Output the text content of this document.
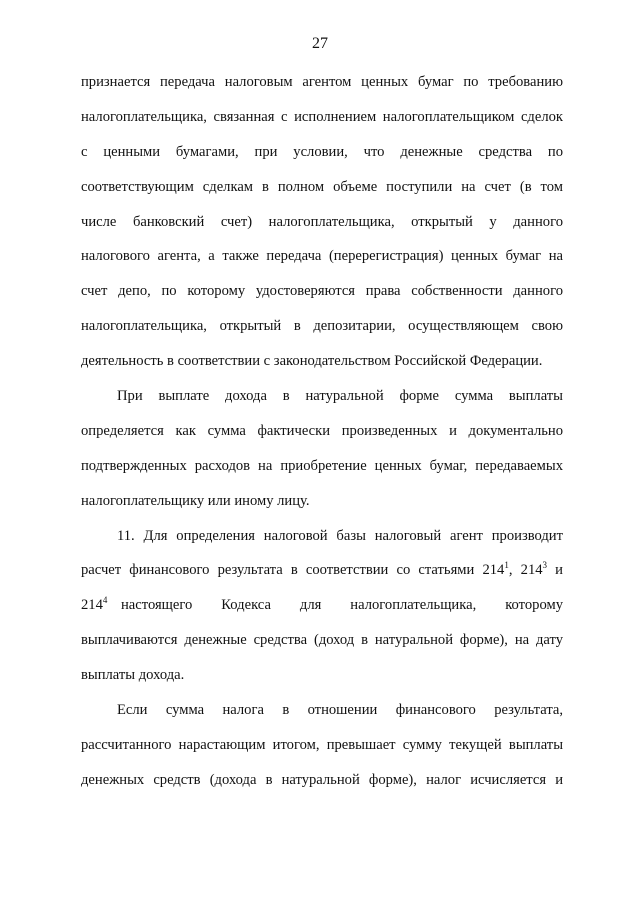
27
признается передача налоговым агентом ценных бумаг по требованию
налогоплательщика, связанная с исполнением налогоплательщиком сделок
с ценными бумагами, при условии, что денежные средства по
соответствующим сделкам в полном объеме поступили на счет (в том
числе банковский счет) налогоплательщика, открытый у данного
налогового агента, а также передача (перерегистрация) ценных бумаг на
счет депо, по которому удостоверяются права собственности данного
налогоплательщика, открытый в депозитарии, осуществляющем свою
деятельность в соответствии с законодательством Российской Федерации.
При выплате дохода в натуральной форме сумма выплаты
определяется как сумма фактически произведенных и документально
подтвержденных расходов на приобретение ценных бумаг, передаваемых
налогоплательщику или иному лицу.
11. Для определения налоговой базы налоговый агент производит
расчет финансового результата в соответствии со статьями $214^1$, $214^3$ и
$214^4$ настоящего Кодекса для налогоплательщика, которому
выплачиваются денежные средства (доход в натуральной форме), на дату
выплаты дохода.
Если сумма налога в отношении финансового результата,
рассчитанного нарастающим итогом, превышает сумму текущей выплаты
денежных средств (дохода в натуральной форме), налог исчисляется и
